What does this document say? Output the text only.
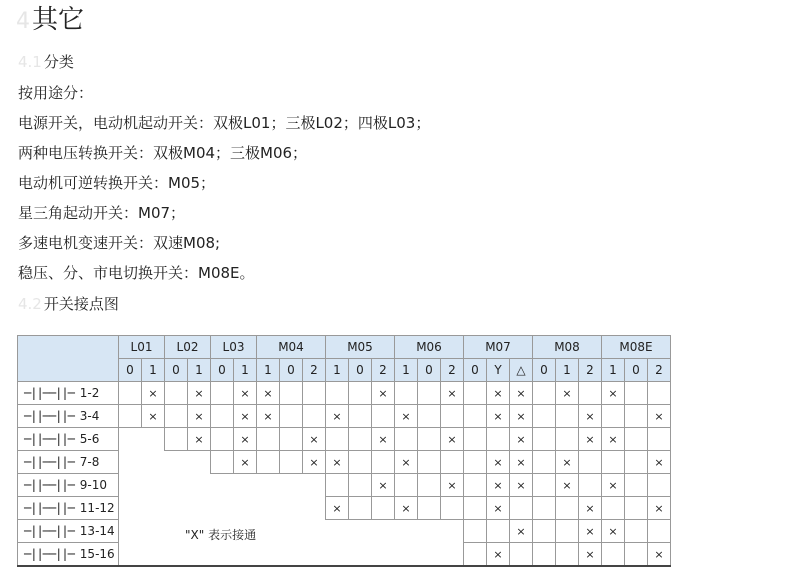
4其它
4.1 分类
按用途分：
电源开关，电动机起动开关：双极L01；三极L02；四极L03；
两种电压转换开关：双极M04；三极M06；
电动机可逆转换开关：M05；
星三角起动开关：M07；
多速电机变速开关：双速M08;
稳压、分、市电切换开关：M08E。
4.2 开关接点图
	L01		L02		L03		M04			M05			M06			M07			M08			M08E		
	0	1	0	1	0	1	1	0	2	1	0	2	1	0	2	0	Y	△	0	1	2	1	0	2
─||──||─ 1-2		×		×		×	×					×			×		×	×		×		×		
─||──||─ 3-4		×		×		×	×			×			×				×	×			×			×
─||──||─ 5-6				×		×			×			×			×			×			×	×		
─||──||─ 7-8						×			×	×			×				×	×		×				×
─||──||─ 9-10												×			×		×	×		×		×		
─||──||─ 11-12										×			×				×				×			×
─||──||─ 13-14																		×			×	×		
─||──||─ 15-16																	×				×			×
"X" 表示接通
